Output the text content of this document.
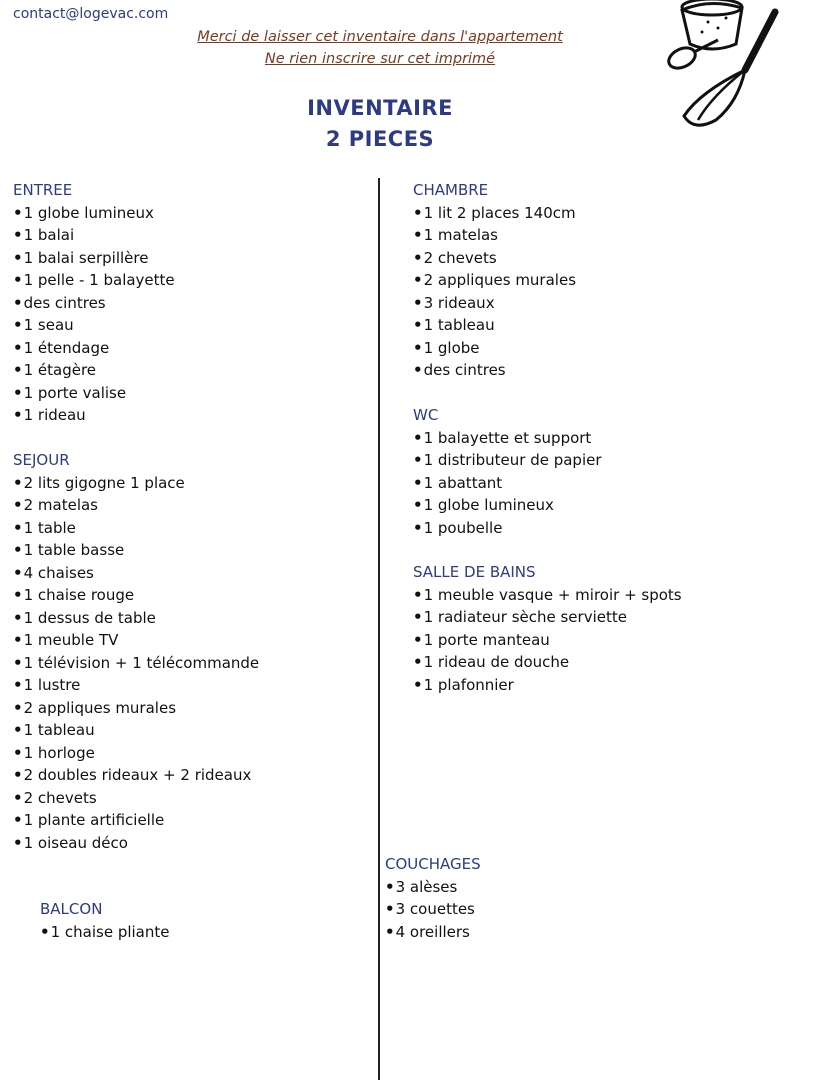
contact@logevac.com
Merci de laisser cet inventaire dans l'appartement
Ne rien inscrire sur cet imprimé
INVENTAIRE
2 PIECES
ENTREE
• 1 globe lumineux
• 1 balai
• 1 balai serpillère
• 1 pelle - 1 balayette
• des cintres
• 1 seau
• 1 étendage
• 1 étagère
• 1 porte valise
• 1 rideau
SEJOUR
• 2 lits gigogne 1 place
• 2 matelas
• 1 table
• 1 table basse
• 4 chaises
• 1 chaise rouge
• 1 dessus de table
• 1 meuble TV
• 1 télévision + 1 télécommande
• 1 lustre
• 2 appliques murales
• 1 tableau
• 1 horloge
• 2 doubles rideaux + 2 rideaux
• 2 chevets
• 1 plante artificielle
• 1 oiseau déco
BALCON
• 1 chaise pliante
CHAMBRE
• 1 lit 2 places 140cm
• 1 matelas
• 2 chevets
• 2 appliques murales
• 3 rideaux
• 1 tableau
• 1 globe
• des cintres
WC
• 1 balayette et support
• 1 distributeur de papier
• 1 abattant
• 1 globe lumineux
• 1 poubelle
SALLE DE BAINS
• 1 meuble vasque + miroir + spots
• 1 radiateur sèche serviette
• 1 porte manteau
• 1 rideau de douche
• 1 plafonnier
COUCHAGES
• 3 alèses
• 3 couettes
• 4 oreillers
